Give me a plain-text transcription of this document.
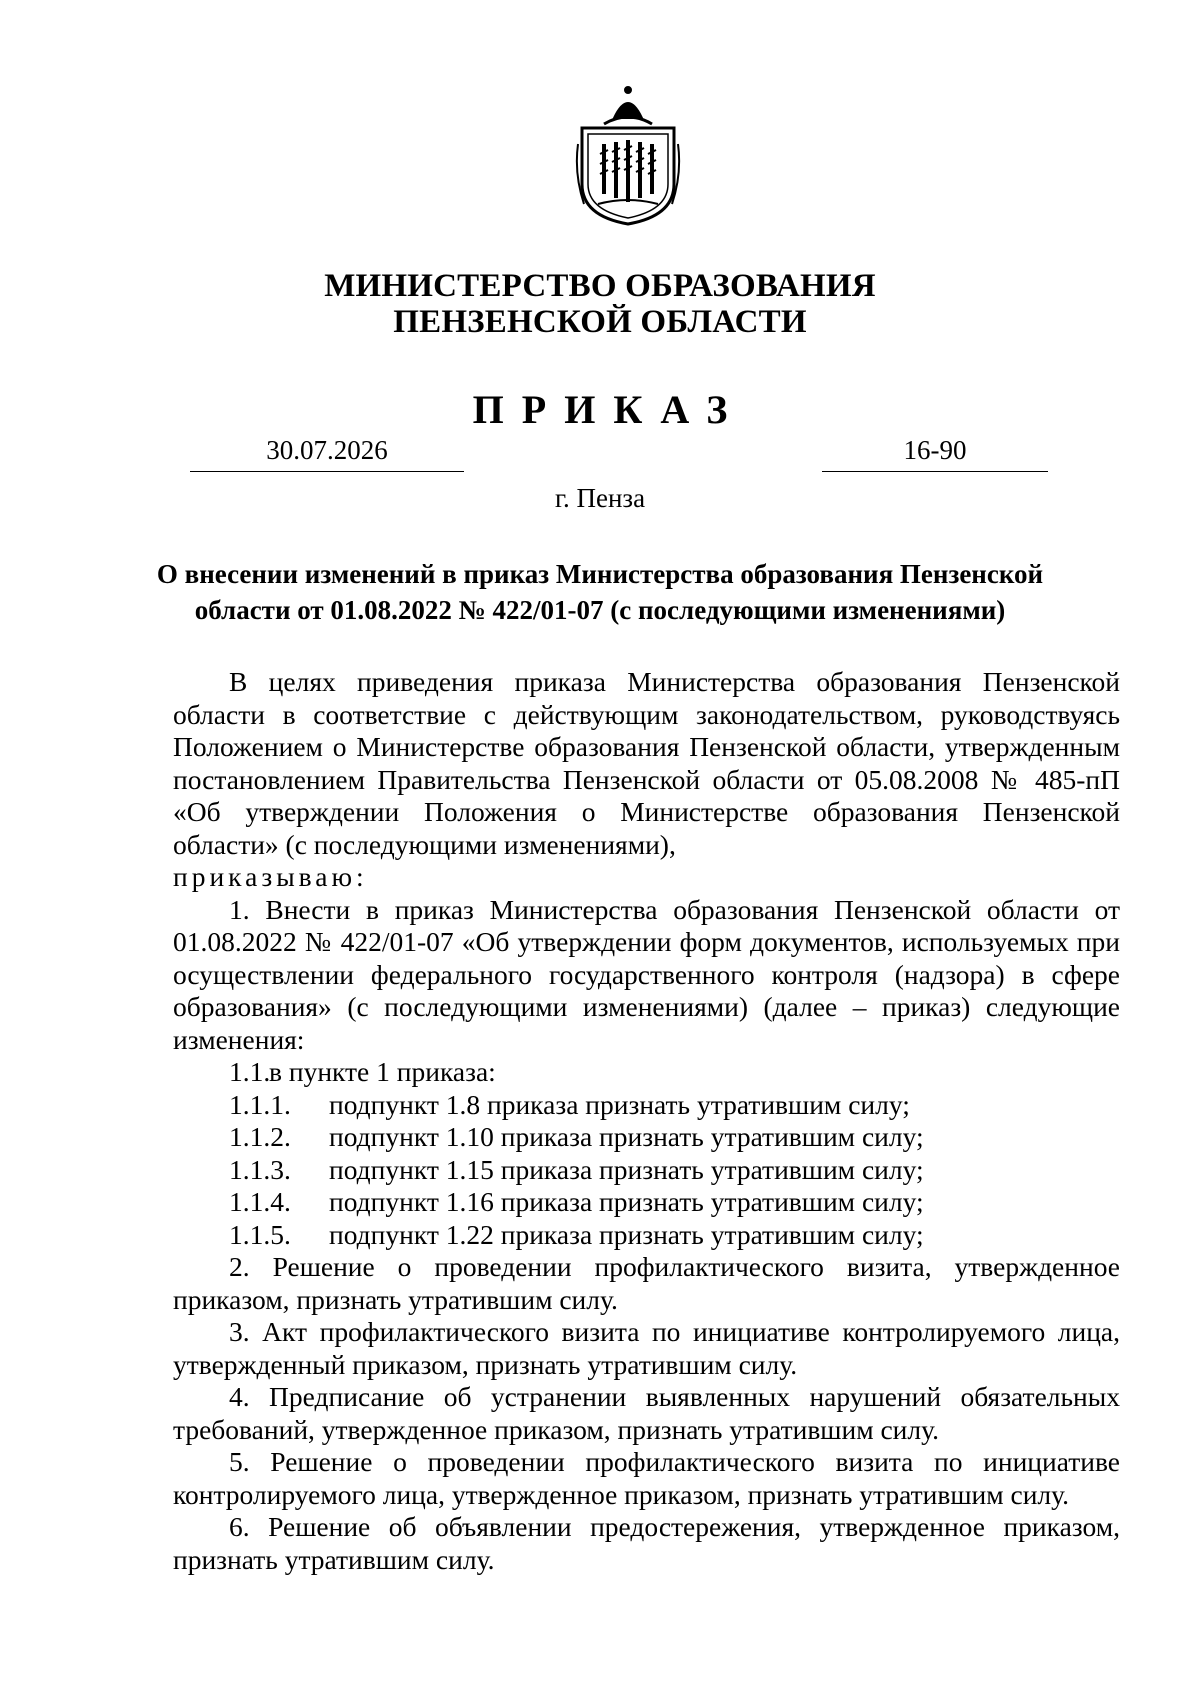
МИНИСТЕРСТВО ОБРАЗОВАНИЯ
ПЕНЗЕНСКОЙ ОБЛАСТИ
ПРИКАЗ
30.07.2026	16-90
г. Пенза
О внесении изменений в приказ Министерства образования Пензенской
области от 01.08.2022 № 422/01-07 (с последующими изменениями)

В целях приведения приказа Министерства образования Пензенской области в соответствие с действующим законодательством, руководствуясь Положением о Министерстве образования Пензенской области, утвержденным постановлением Правительства Пензенской области от 05.08.2008 № 485-пП «Об утверждении Положения о Министерстве образования Пензенской области» (с последующими изменениями),

приказываю:

1. Внести в приказ Министерства образования Пензенской области от 01.08.2022 № 422/01-07 «Об утверждении форм документов, используемых при осуществлении федерального государственного контроля (надзора) в сфере образования» (с последующими изменениями) (далее – приказ) следующие изменения:

1.1.в пункте 1 приказа:

1.1.1. подпункт 1.8 приказа признать утратившим силу;

1.1.2. подпункт 1.10 приказа признать утратившим силу;

1.1.3. подпункт 1.15 приказа признать утратившим силу;

1.1.4. подпункт 1.16 приказа признать утратившим силу;

1.1.5. подпункт 1.22 приказа признать утратившим силу;

2. Решение о проведении профилактического визита, утвержденное приказом, признать утратившим силу.

3. Акт профилактического визита по инициативе контролируемого лица, утвержденный приказом, признать утратившим силу.

4. Предписание об устранении выявленных нарушений обязательных требований, утвержденное приказом, признать утратившим силу.

5. Решение о проведении профилактического визита по инициативе контролируемого лица, утвержденное приказом, признать утратившим силу.

6. Решение об объявлении предостережения, утвержденное приказом, признать утратившим силу.
